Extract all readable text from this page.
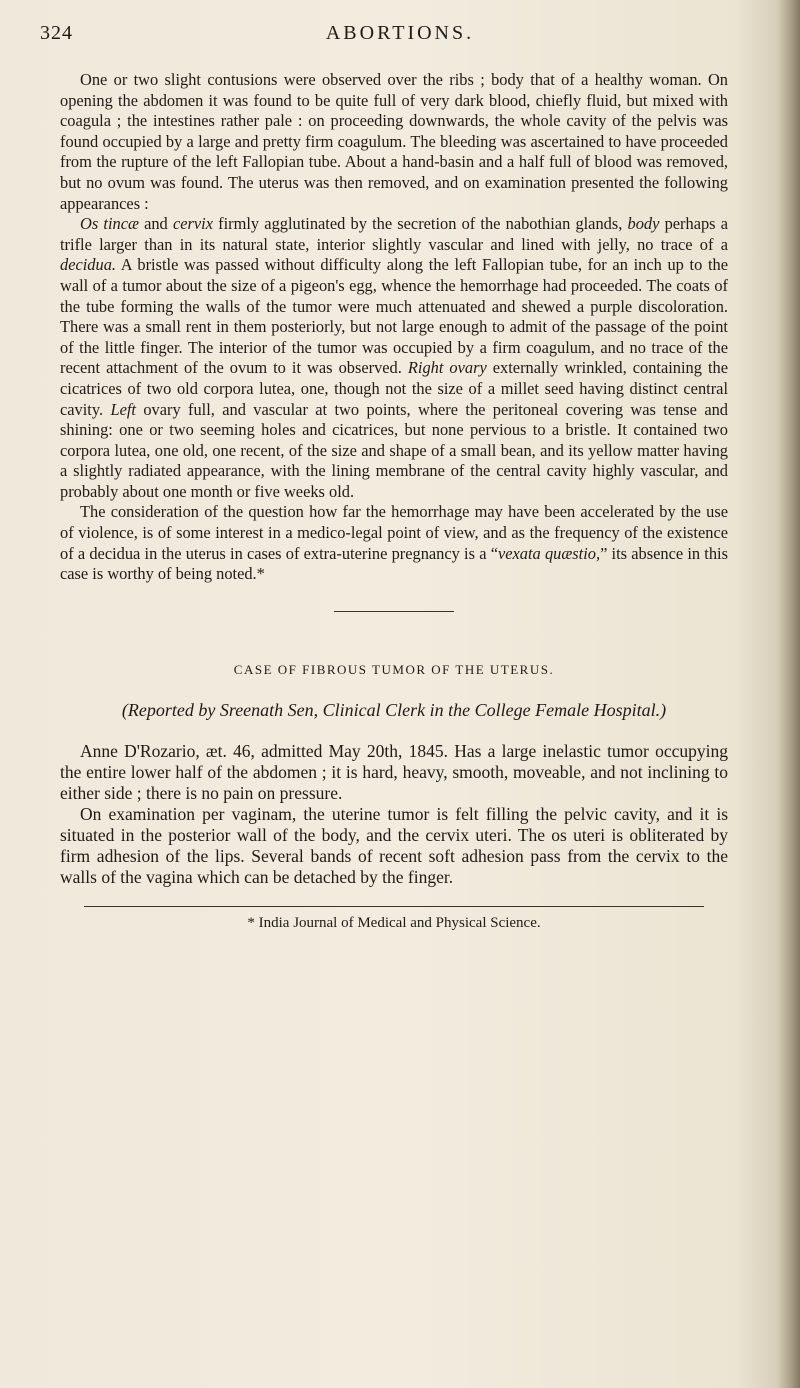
324	ABORTIONS.

One or two slight contusions were observed over the ribs ; body that of a healthy woman. On opening the abdomen it was found to be quite full of very dark blood, chiefly fluid, but mixed with coagula ; the intestines rather pale : on proceeding downwards, the whole cavity of the pelvis was found occupied by a large and pretty firm coagulum. The bleeding was ascertained to have proceeded from the rupture of the left Fallopian tube. About a hand-basin and a half full of blood was removed, but no ovum was found. The uterus was then removed, and on examination presented the following appearances :

Os tincæ and cervix firmly agglutinated by the secretion of the nabothian glands, body perhaps a trifle larger than in its natural state, interior slightly vascular and lined with jelly, no trace of a decidua. A bristle was passed without difficulty along the left Fallopian tube, for an inch up to the wall of a tumor about the size of a pigeon's egg, whence the hemorrhage had proceeded. The coats of the tube forming the walls of the tumor were much attenuated and shewed a purple discoloration. There was a small rent in them posteriorly, but not large enough to admit of the passage of the point of the little finger. The interior of the tumor was occupied by a firm coagulum, and no trace of the recent attachment of the ovum to it was observed. Right ovary externally wrinkled, containing the cicatrices of two old corpora lutea, one, though not the size of a millet seed having distinct central cavity. Left ovary full, and vascular at two points, where the peritoneal covering was tense and shining: one or two seeming holes and cicatrices, but none pervious to a bristle. It contained two corpora lutea, one old, one recent, of the size and shape of a small bean, and its yellow matter having a slightly radiated appearance, with the lining membrane of the central cavity highly vascular, and probably about one month or five weeks old.

The consideration of the question how far the hemorrhage may have been accelerated by the use of violence, is of some interest in a medico-legal point of view, and as the frequency of the existence of a decidua in the uterus in cases of extra-uterine pregnancy is a “vexata quæstio,” its absence in this case is worthy of being noted.*

CASE OF FIBROUS TUMOR OF THE UTERUS.
(Reported by Sreenath Sen, Clinical Clerk in the College Female Hospital.)

Anne D'Rozario, æt. 46, admitted May 20th, 1845. Has a large inelastic tumor occupying the entire lower half of the abdomen ; it is hard, heavy, smooth, moveable, and not inclining to either side ; there is no pain on pressure.

On examination per vaginam, the uterine tumor is felt filling the pelvic cavity, and it is situated in the posterior wall of the body, and the cervix uteri. The os uteri is obliterated by firm adhesion of the lips. Several bands of recent soft adhesion pass from the cervix to the walls of the vagina which can be detached by the finger.

* India Journal of Medical and Physical Science.
